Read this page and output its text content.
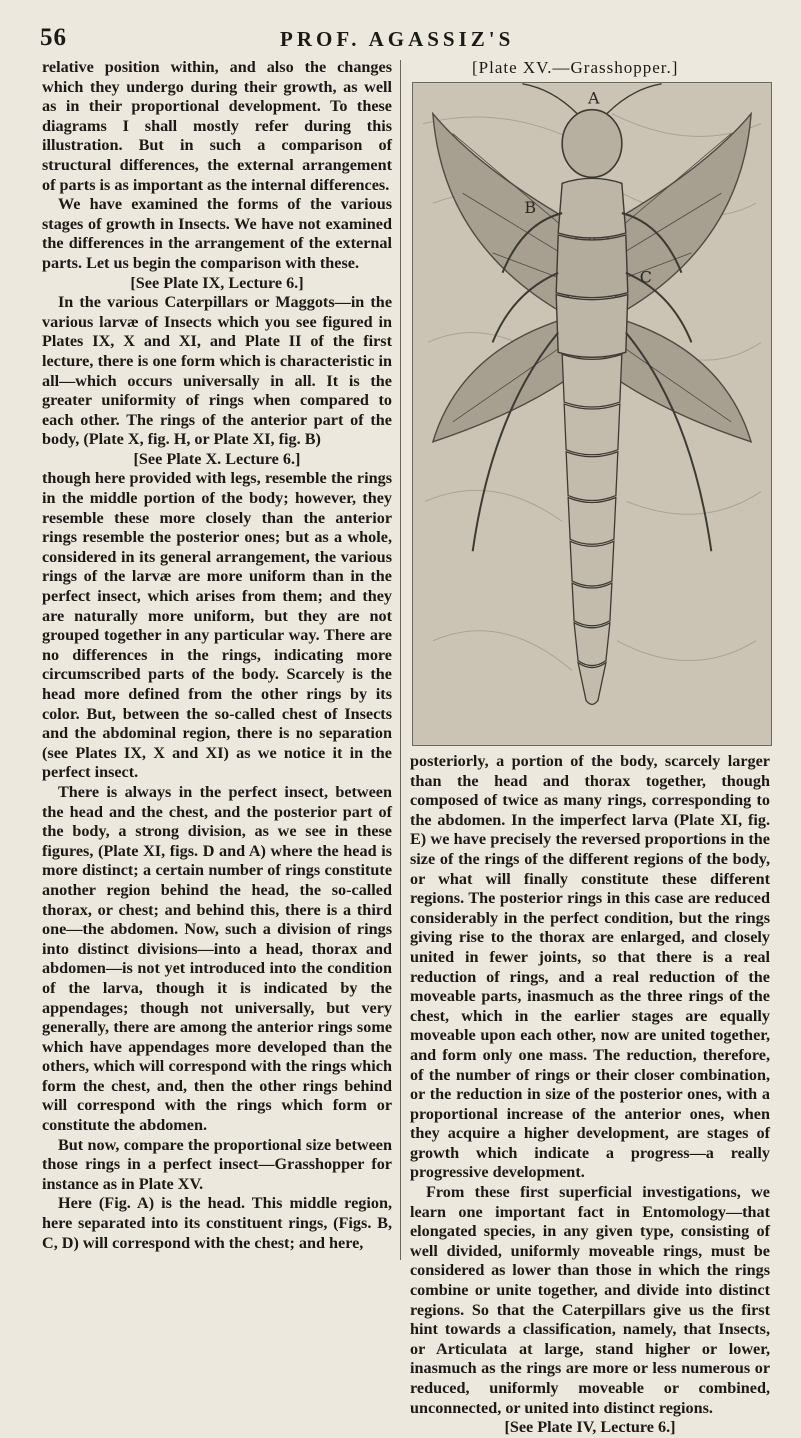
56	PROF. AGASSIZ'S

relative position within, and also the changes which they undergo during their growth, as well as in their proportional development. To these diagrams I shall mostly refer during this illustration. But in such a comparison of structural differences, the external arrangement of parts is as important as the internal differences.

We have examined the forms of the various stages of growth in Insects. We have not examined the differences in the arrangement of the external parts. Let us begin the comparison with these.

[See Plate IX, Lecture 6.]

In the various Caterpillars or Maggots—in the various larvæ of Insects which you see figured in Plates IX, X and XI, and Plate II of the first lecture, there is one form which is characteristic in all—which occurs universally in all. It is the greater uniformity of rings when compared to each other. The rings of the anterior part of the body, (Plate X, fig. H, or Plate XI, fig. B)

[See Plate X. Lecture 6.]

though here provided with legs, resemble the rings in the middle portion of the body; however, they resemble these more closely than the anterior rings resemble the posterior ones; but as a whole, considered in its general arrangement, the various rings of the larvæ are more uniform than in the perfect insect, which arises from them; and they are naturally more uniform, but they are not grouped together in any particular way. There are no differences in the rings, indicating more circumscribed parts of the body. Scarcely is the head more defined from the other rings by its color. But, between the so-called chest of Insects and the abdominal region, there is no separation (see Plates IX, X and XI) as we notice it in the perfect insect.

There is always in the perfect insect, between the head and the chest, and the posterior part of the body, a strong division, as we see in these figures, (Plate XI, figs. D and A) where the head is more distinct; a certain number of rings constitute another region behind the head, the so-called thorax, or chest; and behind this, there is a third one—the abdomen. Now, such a division of rings into distinct divisions—into a head, thorax and abdomen—is not yet introduced into the condition of the larva, though it is indicated by the appendages; though not universally, but very generally, there are among the anterior rings some which have appendages more developed than the others, which will correspond with the rings which form the chest, and, then the other rings behind will correspond with the rings which form or constitute the abdomen.

But now, compare the proportional size between those rings in a perfect insect—Grasshopper for instance as in Plate XV.

Here (Fig. A) is the head. This middle region, here separated into its constituent rings, (Figs. B, C, D) will correspond with the chest; and here,

[Plate XV.—Grasshopper.]
A
B
C

posteriorly, a portion of the body, scarcely larger than the head and thorax together, though composed of twice as many rings, corresponding to the abdomen. In the imperfect larva (Plate XI, fig. E) we have precisely the reversed proportions in the size of the rings of the different regions of the body, or what will finally constitute these different regions. The posterior rings in this case are reduced considerably in the perfect condition, but the rings giving rise to the thorax are enlarged, and closely united in fewer joints, so that there is a real reduction of rings, and a real reduction of the moveable parts, inasmuch as the three rings of the chest, which in the earlier stages are equally moveable upon each other, now are united together, and form only one mass. The reduction, therefore, of the number of rings or their closer combination, or the reduction in size of the posterior ones, with a proportional increase of the anterior ones, when they acquire a higher development, are stages of growth which indicate a progress—a really progressive development.

From these first superficial investigations, we learn one important fact in Entomology—that elongated species, in any given type, consisting of well divided, uniformly moveable rings, must be considered as lower than those in which the rings combine or unite together, and divide into distinct regions. So that the Caterpillars give us the first hint towards a classification, namely, that Insects, or Articulata at large, stand higher or lower, inasmuch as the rings are more or less numerous or reduced, uniformly moveable or combined, unconnected, or united into distinct regions.

[See Plate IV, Lecture 6.]
